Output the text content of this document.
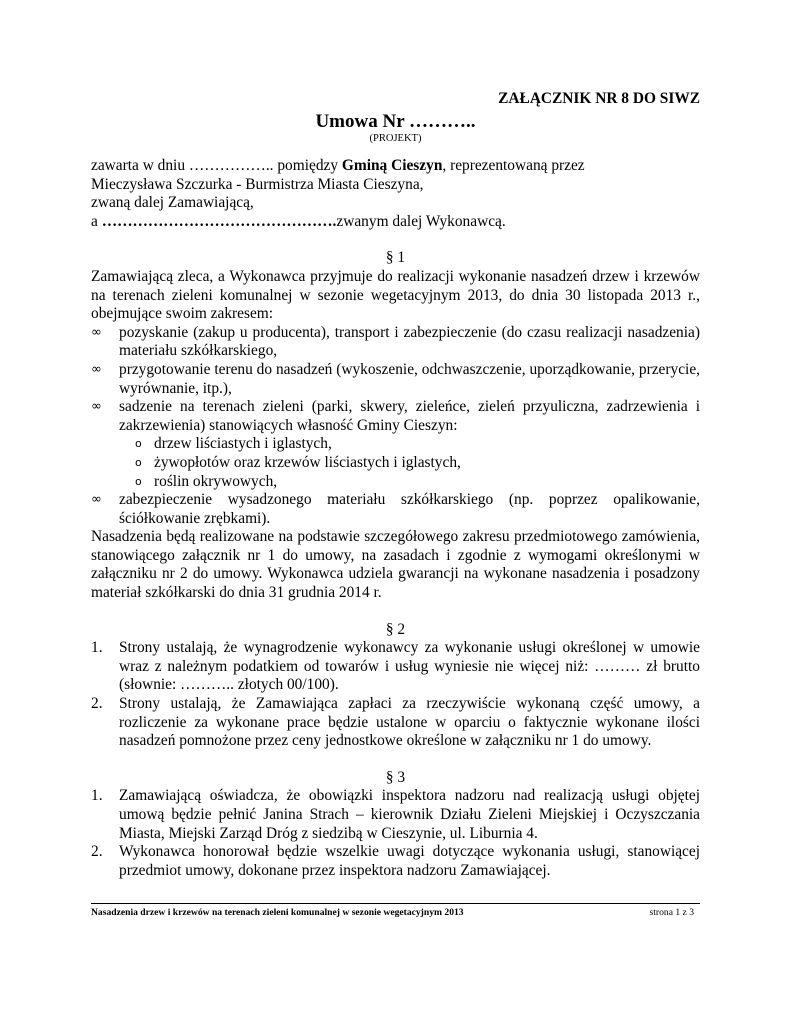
ZAŁĄCZNIK NR 8 DO SIWZ

Umowa Nr ………..

(PROJEKT)

zawarta w dniu …………….. pomiędzy Gminą Cieszyn, reprezentowaną przez

Mieczysława Szczurka - Burmistrza Miasta Cieszyna,

zwaną dalej Zamawiającą,

a ……………………………………….zwanym dalej Wykonawcą.

§ 1

Zamawiającą zleca, a Wykonawca przyjmuje do realizacji wykonanie nasadzeń drzew i krzewów na terenach zieleni komunalnej w sezonie wegetacyjnym 2013, do dnia 30 listopada 2013 r., obejmujące swoim zakresem:

∞ pozyskanie (zakup u producenta), transport i zabezpieczenie (do czasu realizacji nasadzenia) materiału szkółkarskiego,
∞ przygotowanie terenu do nasadzeń (wykoszenie, odchwaszczenie, uporządkowanie, przerycie, wyrównanie, itp.),
∞ sadzenie na terenach zieleni (parki, skwery, zieleńce, zieleń przyuliczna, zadrzewienia i zakrzewienia) stanowiących własność Gminy Cieszyn:
o drzew liściastych i iglastych,
o żywopłotów oraz krzewów liściastych i iglastych,
o roślin okrywowych,
∞ zabezpieczenie wysadzonego materiału szkółkarskiego (np. poprzez opalikowanie, ściółkowanie zrębkami).

Nasadzenia będą realizowane na podstawie szczegółowego zakresu przedmiotowego zamówienia, stanowiącego załącznik nr 1 do umowy, na zasadach i zgodnie z wymogami określonymi w załączniku nr 2 do umowy. Wykonawca udziela gwarancji na wykonane nasadzenia i posadzony materiał szkółkarski do dnia 31 grudnia 2014 r.

§ 2

1. Strony ustalają, że wynagrodzenie wykonawcy za wykonanie usługi określonej w umowie wraz z należnym podatkiem od towarów i usług wyniesie nie więcej niż: ……… zł brutto (słownie: ……….. złotych 00/100).
2. Strony ustalają, że Zamawiająca zapłaci za rzeczywiście wykonaną część umowy, a rozliczenie za wykonane prace będzie ustalone w oparciu o faktycznie wykonane ilości nasadzeń pomnożone przez ceny jednostkowe określone w załączniku nr 1 do umowy.

§ 3

1. Zamawiającą oświadcza, że obowiązki inspektora nadzoru nad realizacją usługi objętej umową będzie pełnić Janina Strach – kierownik Działu Zieleni Miejskiej i Oczyszczania Miasta, Miejski Zarząd Dróg z siedzibą w Cieszynie, ul. Liburnia 4.
2. Wykonawca honorował będzie wszelkie uwagi dotyczące wykonania usługi, stanowiącej przedmiot umowy, dokonane przez inspektora nadzoru Zamawiającej.
Nasadzenia drzew i krzewów na terenach zieleni komunalnej w sezonie wegetacyjnym 2013	strona 1 z 3
